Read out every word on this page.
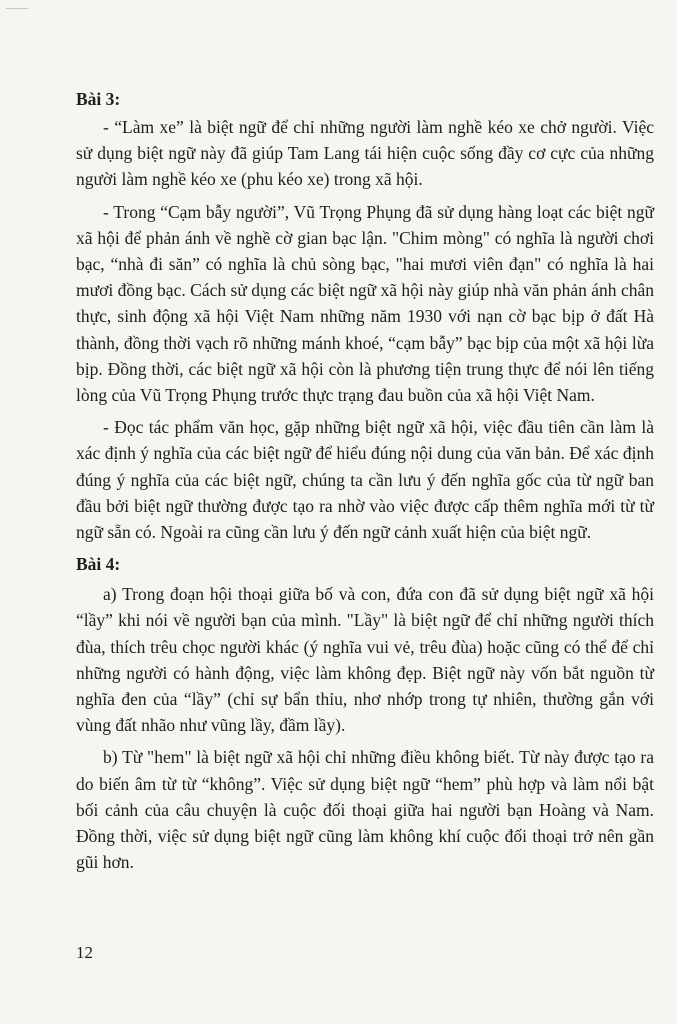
Bài 3:

- “Làm xe” là biệt ngữ để chỉ những người làm nghề kéo xe chở người. Việc sử dụng biệt ngữ này đã giúp Tam Lang tái hiện cuộc sống đầy cơ cực của những người làm nghề kéo xe (phu kéo xe) trong xã hội.

- Trong “Cạm bẫy người”, Vũ Trọng Phụng đã sử dụng hàng loạt các biệt ngữ xã hội để phản ánh về nghề cờ gian bạc lận. "Chim mòng" có nghĩa là người chơi bạc, “nhà đi săn” có nghĩa là chủ sòng bạc, "hai mươi viên đạn" có nghĩa là hai mươi đồng bạc. Cách sử dụng các biệt ngữ xã hội này giúp nhà văn phản ánh chân thực, sinh động xã hội Việt Nam những năm 1930 với nạn cờ bạc bịp ở đất Hà thành, đồng thời vạch rõ những mánh khoé, “cạm bẫy” bạc bịp của một xã hội lừa bịp. Đồng thời, các biệt ngữ xã hội còn là phương tiện trung thực để nói lên tiếng lòng của Vũ Trọng Phụng trước thực trạng đau buồn của xã hội Việt Nam.

- Đọc tác phẩm văn học, gặp những biệt ngữ xã hội, việc đầu tiên cần làm là xác định ý nghĩa của các biệt ngữ để hiểu đúng nội dung của văn bản. Để xác định đúng ý nghĩa của các biệt ngữ, chúng ta cần lưu ý đến nghĩa gốc của từ ngữ ban đầu bởi biệt ngữ thường được tạo ra nhờ vào việc được cấp thêm nghĩa mới từ từ ngữ sẵn có. Ngoài ra cũng cần lưu ý đến ngữ cảnh xuất hiện của biệt ngữ.

Bài 4:

a) Trong đoạn hội thoại giữa bố và con, đứa con đã sử dụng biệt ngữ xã hội “lầy” khi nói về người bạn của mình. "Lầy" là biệt ngữ để chỉ những người thích đùa, thích trêu chọc người khác (ý nghĩa vui vẻ, trêu đùa) hoặc cũng có thể để chỉ những người có hành động, việc làm không đẹp. Biệt ngữ này vốn bắt nguồn từ nghĩa đen của “lầy” (chỉ sự bẩn thỉu, nhơ nhớp trong tự nhiên, thường gắn với vùng đất nhão như vũng lầy, đầm lầy).

b) Từ "hem" là biệt ngữ xã hội chỉ những điều không biết. Từ này được tạo ra do biến âm từ từ “không”. Việc sử dụng biệt ngữ “hem” phù hợp và làm nổi bật bối cảnh của câu chuyện là cuộc đối thoại giữa hai người bạn Hoàng và Nam. Đồng thời, việc sử dụng biệt ngữ cũng làm không khí cuộc đối thoại trở nên gần gũi hơn.

12
